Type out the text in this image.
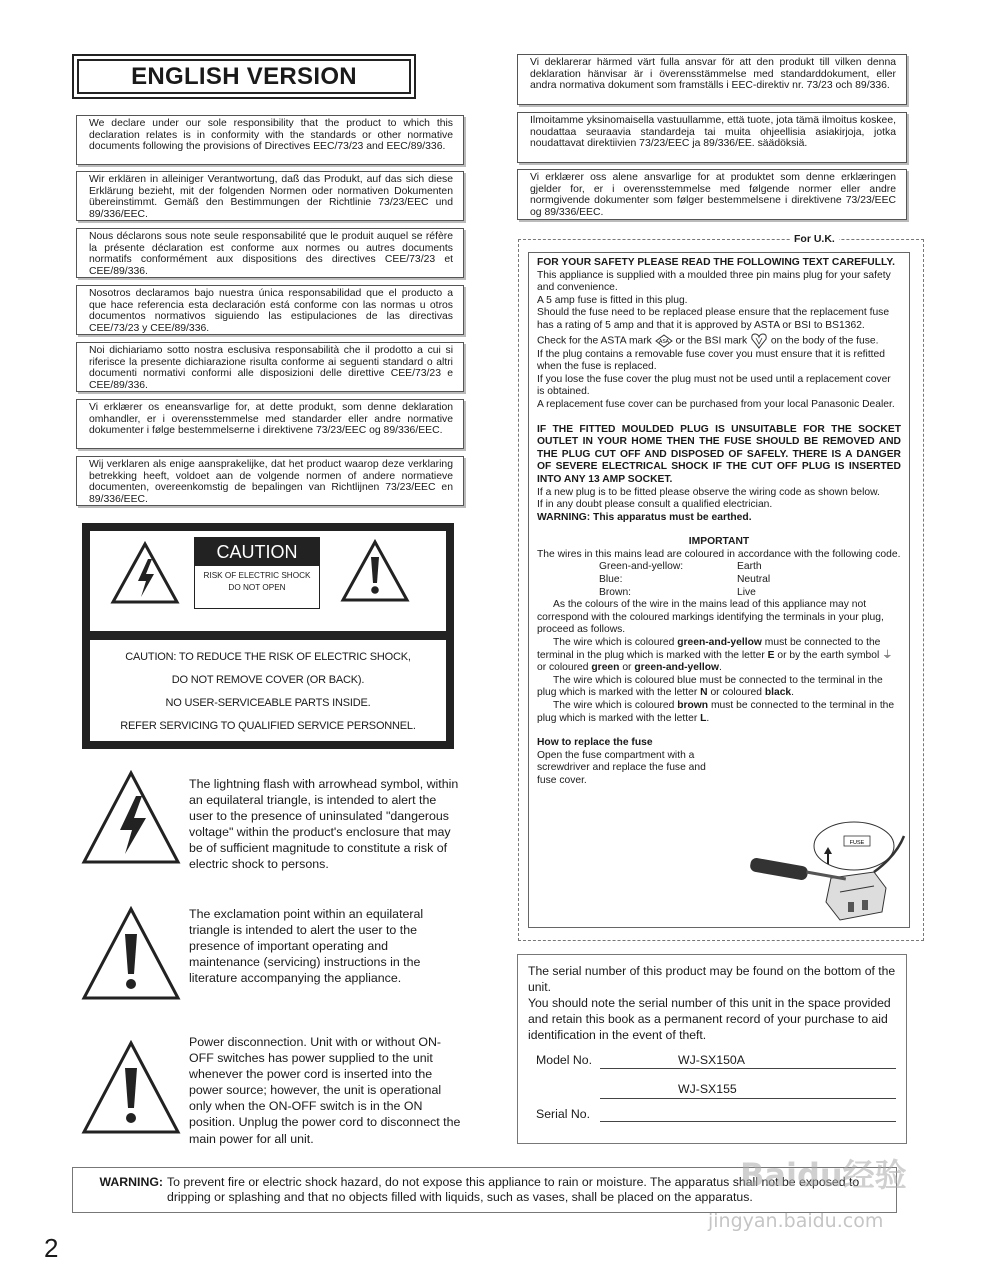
ENGLISH VERSION
We declare under our sole responsibility that the product to which this declaration relates is in conformity with the standards or other normative documents following the provisions of Directives EEC/73/23 and EEC/89/336.
Wir erklären in alleiniger Verantwortung, daß das Produkt, auf das sich diese Erklärung bezieht, mit der folgenden Normen oder normativen Dokumenten übereinstimmt. Gemäß den Bestimmungen der Richtlinie 73/23/EEC und 89/336/EEC.
Nous déclarons sous note seule responsabilité que le produit auquel se réfère la présente déclaration est conforme aux normes ou autres documents normatifs conformément aux dispositions des directives CEE/73/23 et CEE/89/336.
Nosotros declaramos bajo nuestra única responsabilidad que el producto a que hace referencia esta declaración está conforme con las normas u otros documentos normativos siguiendo las estipulaciones de las directivas CEE/73/23 y CEE/89/336.
Noi dichiariamo sotto nostra esclusiva responsabilità che il prodotto a cui si riferisce la presente dichiarazione risulta conforme ai seguenti standard o altri documenti normativi conformi alle disposizioni delle direttive CEE/73/23 e CEE/89/336.
Vi erklærer os eneansvarlige for, at dette produkt, som denne deklaration omhandler, er i overensstemmelse med standarder eller andre normative dokumenter i følge bestemmelserne i direktivene 73/23/EEC og 89/336/EEC.
Wij verklaren als enige aansprakelijke, dat het product waarop deze verklaring betrekking heeft, voldoet aan de volgende normen of andere normatieve documenten, overeenkomstig de bepalingen van Richtlijnen 73/23/EEC en 89/336/EEC.
Vi deklarerar härmed värt fulla ansvar för att den produkt till vilken denna deklaration hänvisar är i överensstämmelse med standarddokument, eller andra normativa dokument som framställs i EEC-direktiv nr. 73/23 och 89/336.
Ilmoitamme yksinomaisella vastuullamme, että tuote, jota tämä ilmoitus koskee, noudattaa seuraavia standardeja tai muita ohjeellisia asiakirjoja, jotka noudattavat direktiivien 73/23/EEC ja 89/336/EE. säädöksiä.
Vi erklærer oss alene ansvarlige for at produktet som denne erklæringen gjelder for, er i overensstemmelse med følgende normer eller andre normgivende dokumenter som følger bestemmelsene i direktivene 73/23/EEC og 89/336/EEC.
CAUTION
RISK OF ELECTRIC SHOCK
DO NOT OPEN
CAUTION: TO REDUCE THE RISK OF ELECTRIC SHOCK,
DO NOT REMOVE COVER (OR BACK).
NO USER-SERVICEABLE PARTS INSIDE.
REFER SERVICING TO QUALIFIED SERVICE PERSONNEL.
The lightning flash with arrowhead symbol, within an equilateral triangle, is intended to alert the user to the presence of uninsulated "dangerous voltage" within the product's enclosure that may be of sufficient magnitude to constitute a risk of electric shock to persons.
The exclamation point within an equilateral triangle is intended to alert the user to the presence of important operating and maintenance (servicing) instructions in the literature accompanying the appliance.
Power disconnection. Unit with or without ON-OFF switches has power supplied to the unit whenever the power cord is inserted into the power source; however, the unit is operational only when the ON-OFF switch is in the ON position. Unplug the power cord to disconnect the main power for all unit.
For U.K.

FOR YOUR SAFETY PLEASE READ THE FOLLOWING TEXT CAREFULLY.

This appliance is supplied with a moulded three pin mains plug for your safety and convenience.

A 5 amp fuse is fitted in this plug.

Should the fuse need to be replaced please ensure that the replacement fuse has a rating of 5 amp and that it is approved by ASTA or BSI to BS1362.

Check for the ASTA mark ASA or the BSI mark on the body of the fuse.

If the plug contains a removable fuse cover you must ensure that it is refitted when the fuse is replaced.

If you lose the fuse cover the plug must not be used until a replacement cover is obtained.

A replacement fuse cover can be purchased from your local Panasonic Dealer.

IF THE FITTED MOULDED PLUG IS UNSUITABLE FOR THE SOCKET OUTLET IN YOUR HOME THEN THE FUSE SHOULD BE REMOVED AND THE PLUG CUT OFF AND DISPOSED OF SAFELY. THERE IS A DANGER OF SEVERE ELECTRICAL SHOCK IF THE CUT OFF PLUG IS INSERTED INTO ANY 13 AMP SOCKET.

If a new plug is to be fitted please observe the wiring code as shown below.

If in any doubt please consult a qualified electrician.

WARNING: This apparatus must be earthed.

IMPORTANT

The wires in this mains lead are coloured in accordance with the following code.

Green-and-yellow:	Earth
Blue:	Neutral
Brown:	Live

As the colours of the wire in the mains lead of this appliance may not correspond with the coloured markings identifying the terminals in your plug, proceed as follows.

The wire which is coloured green-and-yellow must be connected to the terminal in the plug which is marked with the letter E or by the earth symbol ⏚ or coloured green or green-and-yellow.

The wire which is coloured blue must be connected to the terminal in the plug which is marked with the letter N or coloured black.

The wire which is coloured brown must be connected to the terminal in the plug which is marked with the letter L.

How to replace the fuse

Open the fuse compartment with a screwdriver and replace the fuse and fuse cover.

FUSE

The serial number of this product may be found on the bottom of the unit.

You should note the serial number of this unit in the space provided and retain this book as a permanent record of your purchase to aid identification in the event of theft.

Model No.	WJ-SX150A
WJ-SX155
Serial No.
WARNING: To prevent fire or electric shock hazard, do not expose this appliance to rain or moisture. The apparatus shall not be exposed to dripping or splashing and that no objects filled with liquids, such as vases, shall be placed on the apparatus.
2
Baidu经验
jingyan.baidu.com
